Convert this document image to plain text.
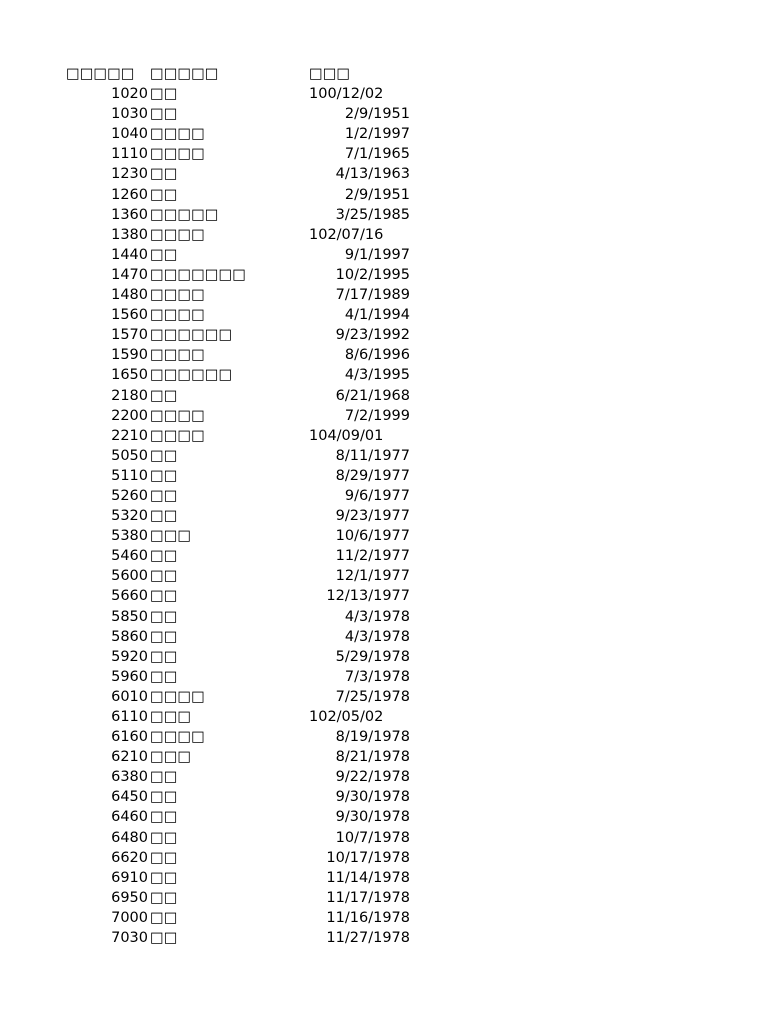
□□□□□	□□□□□	□□□
1020 □□	100/12/02
1030 □□	2/9/1951
1040 □□□□	1/2/1997
1110 □□□□	7/1/1965
1230 □□	4/13/1963
1260 □□	2/9/1951
1360 □□□□□	3/25/1985
1380 □□□□	102/07/16
1440 □□	9/1/1997
1470 □□□□□□□	10/2/1995
1480 □□□□	7/17/1989
1560 □□□□	4/1/1994
1570 □□□□□□	9/23/1992
1590 □□□□	8/6/1996
1650 □□□□□□	4/3/1995
2180 □□	6/21/1968
2200 □□□□	7/2/1999
2210 □□□□	104/09/01
5050 □□	8/11/1977
5110 □□	8/29/1977
5260 □□	9/6/1977
5320 □□	9/23/1977
5380 □□□	10/6/1977
5460 □□	11/2/1977
5600 □□	12/1/1977
5660 □□	12/13/1977
5850 □□	4/3/1978
5860 □□	4/3/1978
5920 □□	5/29/1978
5960 □□	7/3/1978
6010 □□□□	7/25/1978
6110 □□□	102/05/02
6160 □□□□	8/19/1978
6210 □□□	8/21/1978
6380 □□	9/22/1978
6450 □□	9/30/1978
6460 □□	9/30/1978
6480 □□	10/7/1978
6620 □□	10/17/1978
6910 □□	11/14/1978
6950 □□	11/17/1978
7000 □□	11/16/1978
7030 □□	11/27/1978
